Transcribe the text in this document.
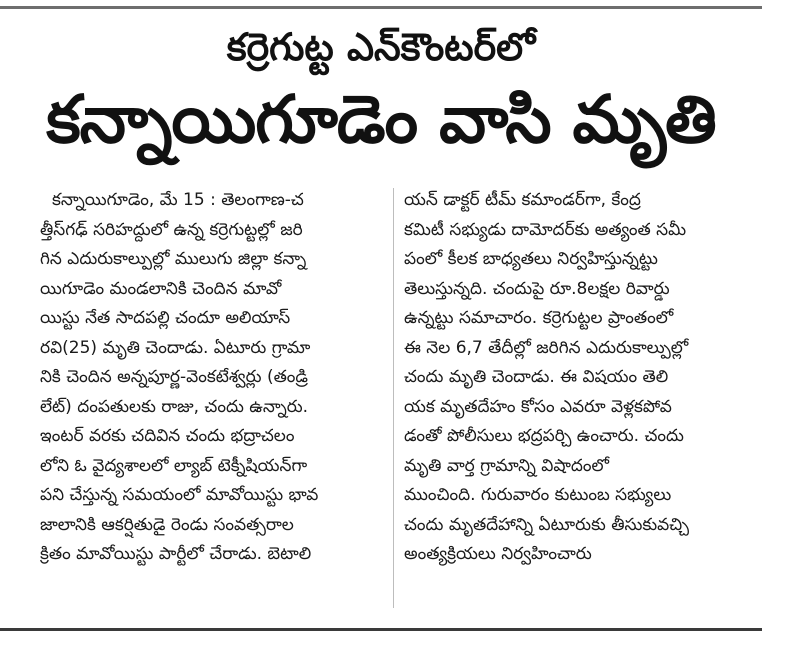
కర్రెగుట్ట ఎన్‌కౌంటర్‌లో
కన్నాయిగూడెం వాసి మృతి
కన్నాయిగూడెం, మే 15 : తెలంగాణ-చ
త్తీస్‌గఢ్ సరిహద్దులో ఉన్న కర్రెగుట్టల్లో జరి
గిన ఎదురుకాల్పుల్లో ములుగు జిల్లా కన్నా
యిగూడెం మండలానికి చెందిన మావో
యిస్టు నేత సాదపల్లి చందూ అలియాస్
రవి(25) మృతి చెందాడు. ఏటూరు గ్రామా
నికి చెందిన అన్నపూర్ణ-వెంకటేశ్వర్లు (తండ్రి
లేట్) దంపతులకు రాజు, చందు ఉన్నారు.
ఇంటర్ వరకు చదివిన చందు భద్రాచలం
లోని ఓ వైద్యశాలలో ల్యాబ్ టెక్నీషియన్‌గా
పని చేస్తున్న సమయంలో మావోయిస్టు భావ
జాలానికి ఆకర్షితుడై రెండు సంవత్సరాల
క్రితం మావోయిస్టు పార్టీలో చేరాడు. బెటాలి
యన్ డాక్టర్ టీమ్ కమాండర్‌గా, కేంద్ర
కమిటీ సభ్యుడు దామోదర్‌కు అత్యంత సమీ
పంలో కీలక బాధ్యతలు నిర్వహిస్తున్నట్టు
తెలుస్తున్నది. చందుపై రూ.8లక్షల రివార్డు
ఉన్నట్టు సమాచారం. కర్రెగుట్టల ప్రాంతంలో
ఈ నెల 6,7 తేదీల్లో జరిగిన ఎదురుకాల్పుల్లో
చందు మృతి చెందాడు. ఈ విషయం తెలి
యక మృతదేహం కోసం ఎవరూ వెళ్లకపోవ
డంతో పోలీసులు భద్రపర్చి ఉంచారు. చందు
మృతి వార్త గ్రామాన్ని విషాదంలో
ముంచింది. గురువారం కుటుంబ సభ్యులు
చందు మృతదేహాన్ని ఏటూరుకు తీసుకువచ్చి
అంత్యక్రియలు నిర్వహించారు
